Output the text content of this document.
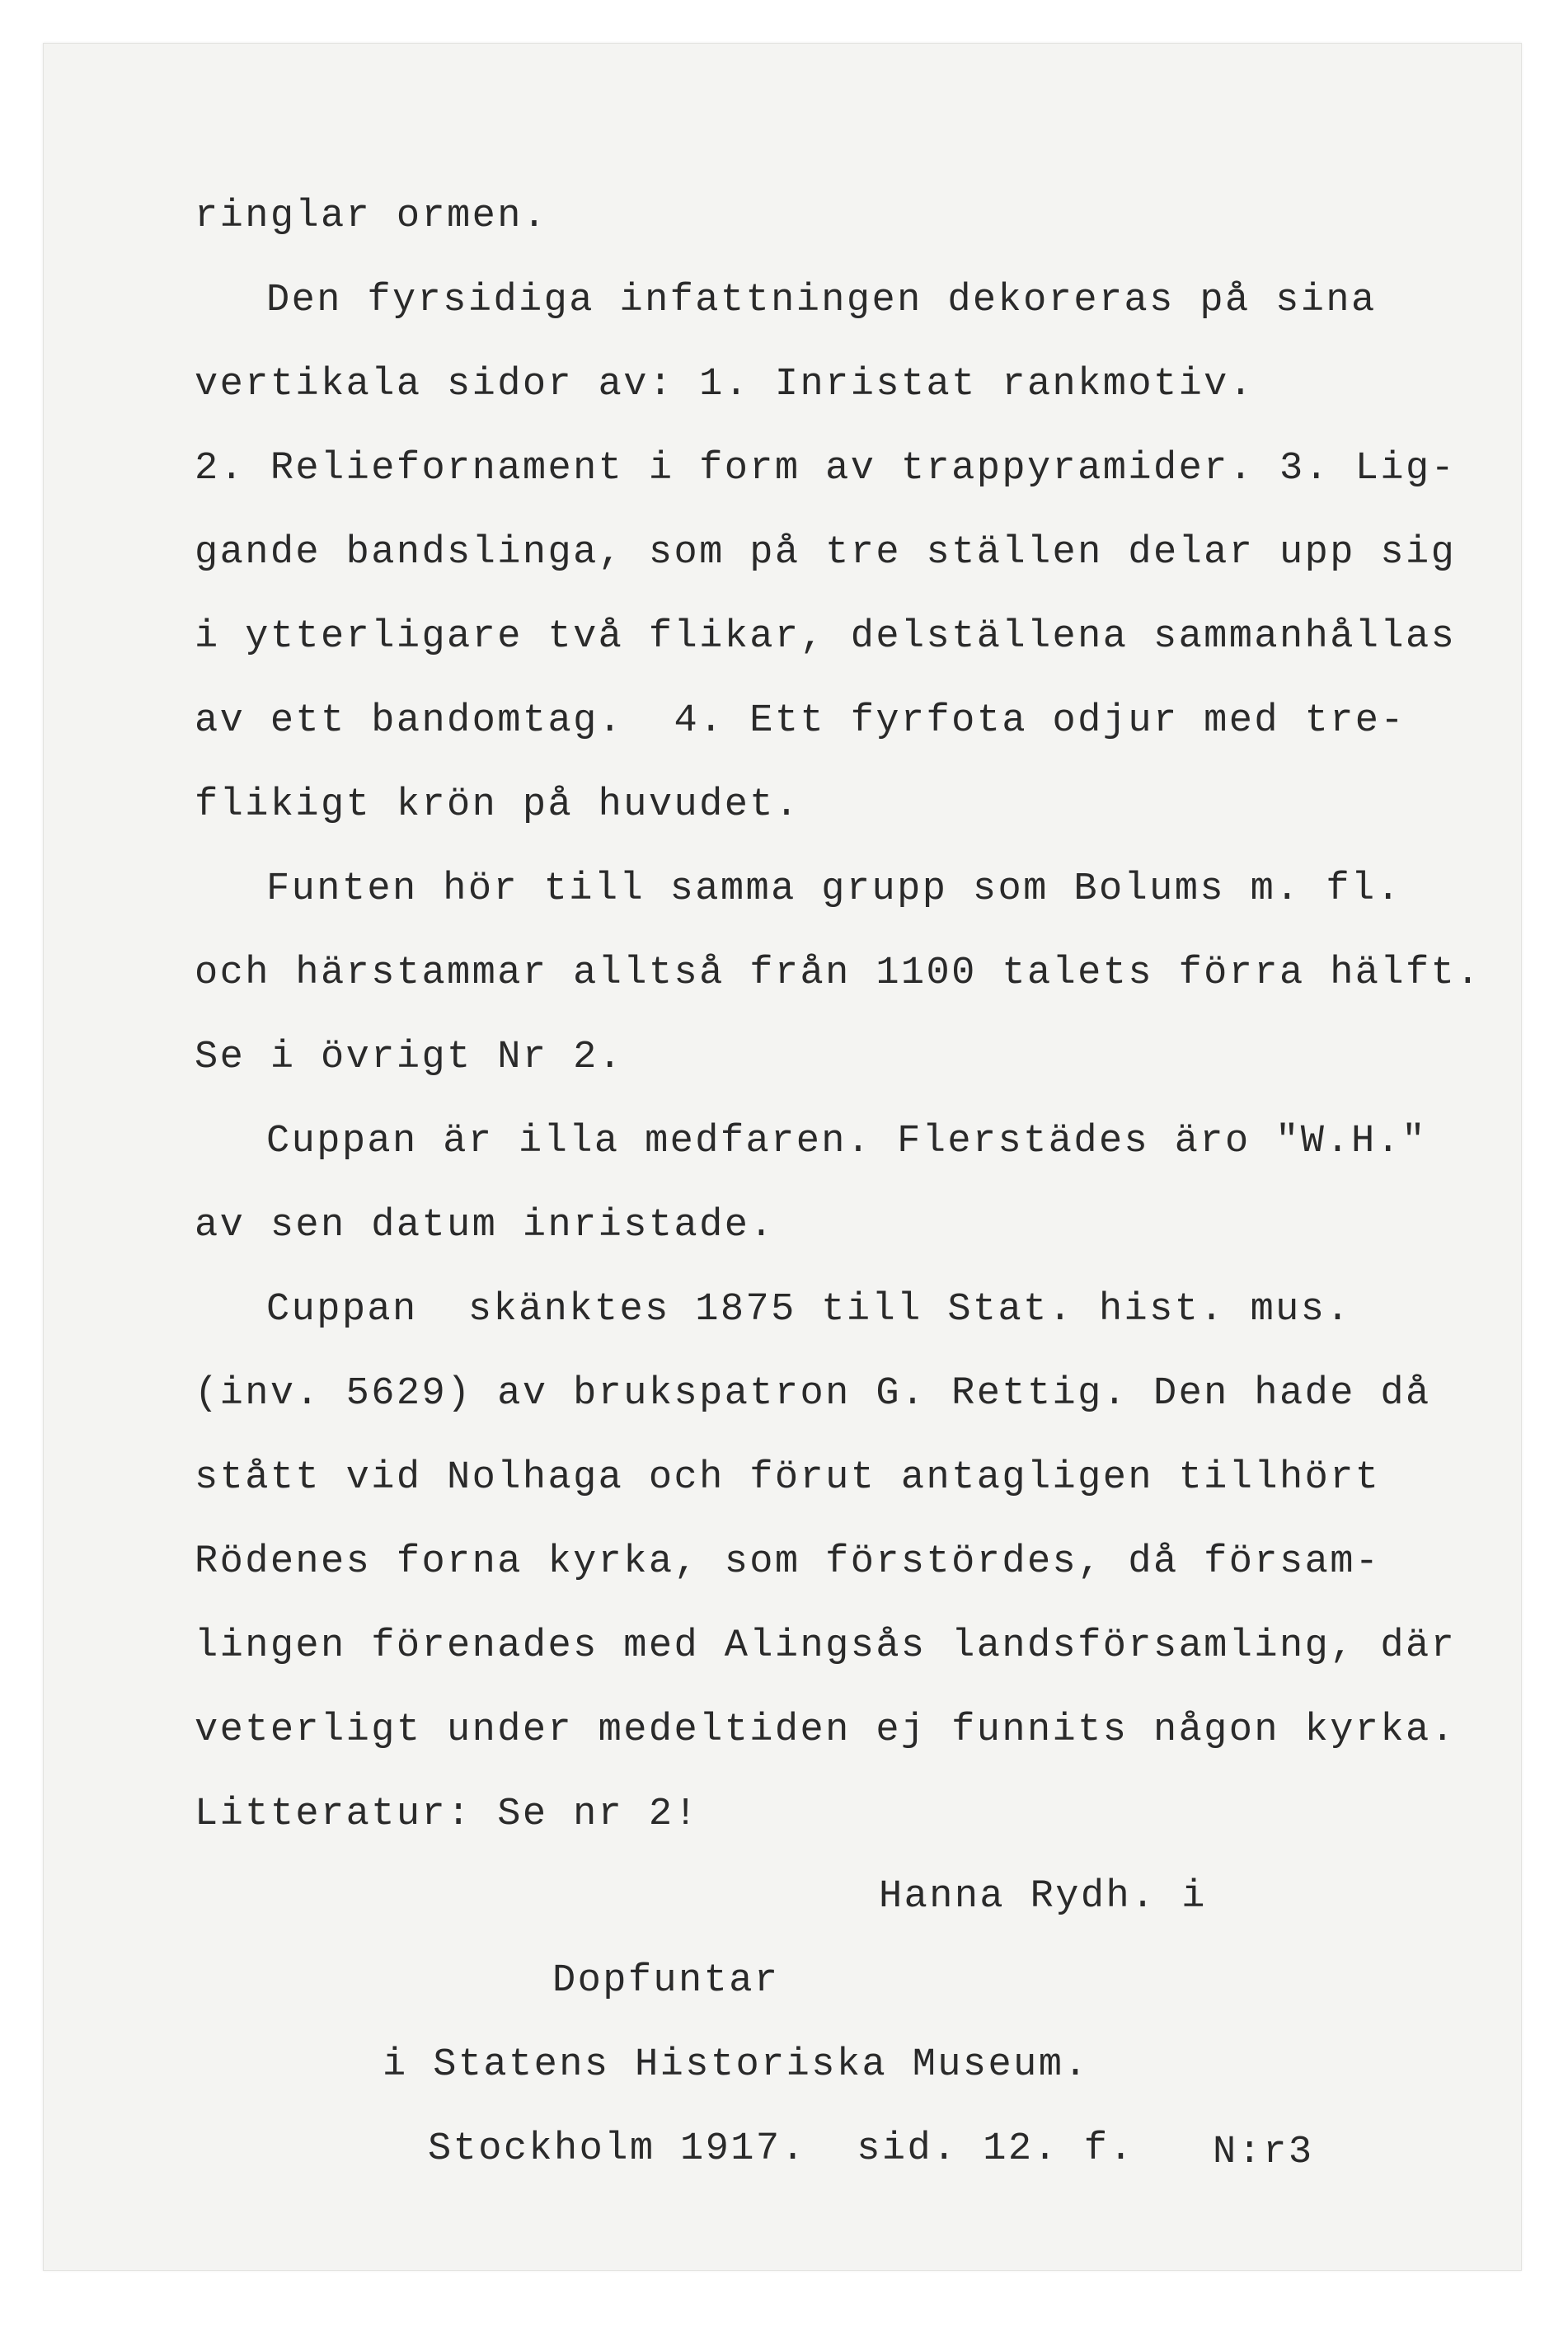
ringlar ormen.
Den fyrsidiga infattningen dekoreras på sina
vertikala sidor av: 1. Inristat rankmotiv.
2. Reliefornament i form av trappyramider. 3. Lig-
gande bandslinga, som på tre ställen delar upp sig
i ytterligare två flikar, delställena sammanhållas
av ett bandomtag.  4. Ett fyrfota odjur med tre-
flikigt krön på huvudet.
Funten hör till samma grupp som Bolums m. fl.
och härstammar alltså från 1100 talets förra hälft.
Se i övrigt Nr 2.
Cuppan är illa medfaren. Flerstädes äro "W.H."
av sen datum inristade.
Cuppan  skänktes 1875 till Stat. hist. mus.
(inv. 5629) av brukspatron G. Rettig. Den hade då
stått vid Nolhaga och förut antagligen tillhört
Rödenes forna kyrka, som förstördes, då försam-
lingen förenades med Alingsås landsförsamling, där
veterligt under medeltiden ej funnits någon kyrka.
Litteratur: Se nr 2!
Hanna Rydh. i
Dopfuntar
i Statens Historiska Museum.
Stockholm 1917.  sid. 12. f. N:r3
